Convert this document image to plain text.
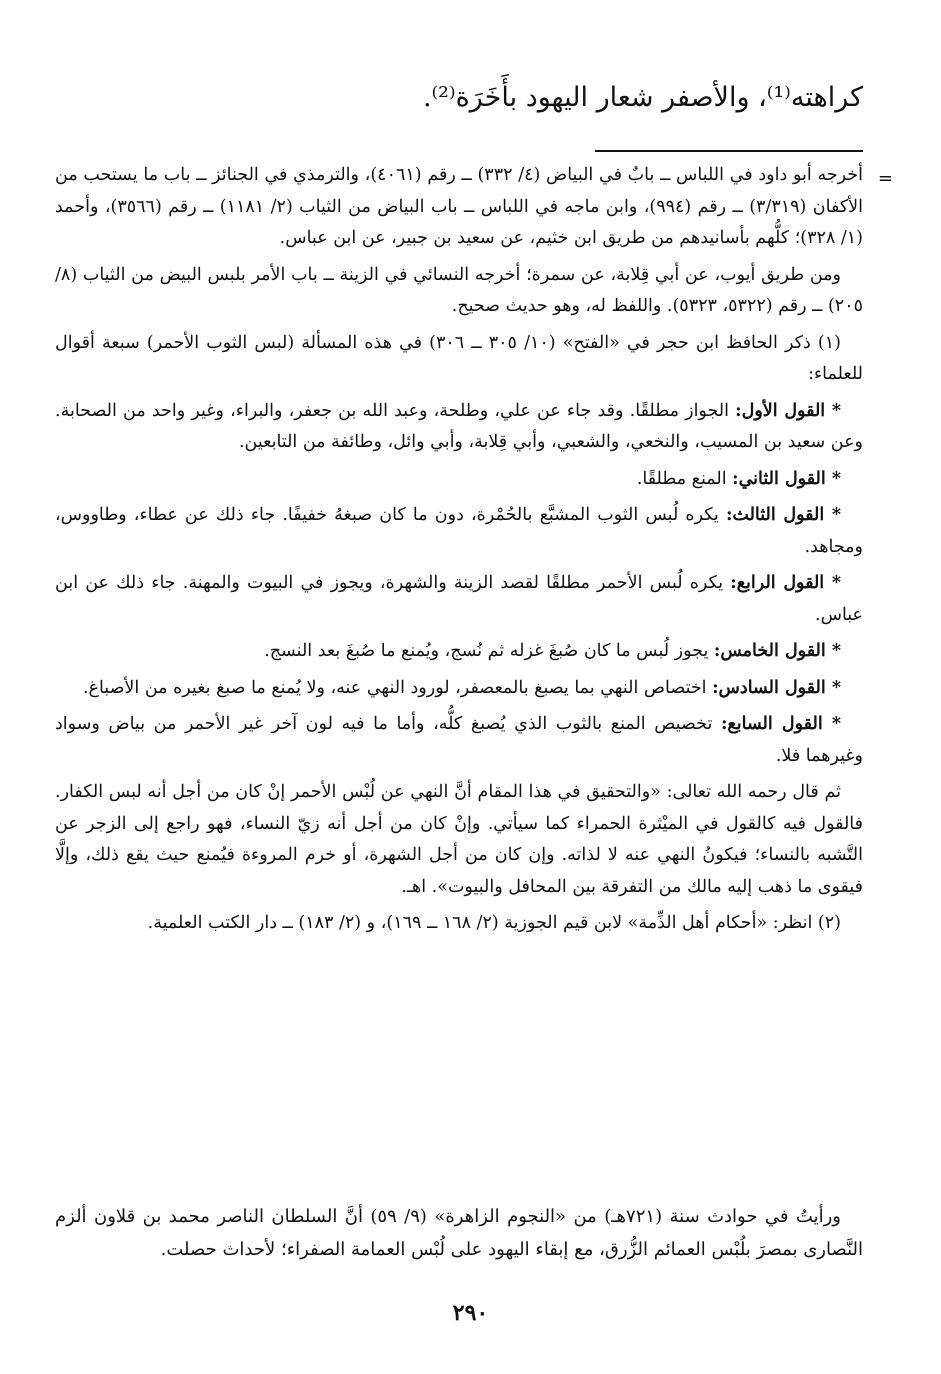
كراهته⁽¹⁾، والأصفر شعار اليهود بأَخَرَة⁽²⁾.
=

أخرجه أبو داود في اللباس ــ بابٌ في البياض (٤/ ٣٣٢) ــ رقم (٤٠٦١)، والترمذي في الجنائز ــ باب ما يستحب من الأكفان (٣/٣١٩) ــ رقم (٩٩٤)، وابن ماجه في اللباس ــ باب البياض من الثياب (٢/ ١١٨١) ــ رقم (٣٥٦٦)، وأحمد (١/ ٣٢٨)؛ كلُّهم بأسانيدهم من طريق ابن خثيم، عن سعيد بن جبير، عن ابن عباس.

ومن طريق أيوب، عن أبي قِلابة، عن سمرة؛ أخرجه النسائي في الزينة ــ باب الأمر بلبس البيض من الثياب (٨/ ٢٠٥) ــ رقم (٥٣٢٢، ٥٣٢٣). واللفظ له، وهو حديث صحيح.

(١) ذكر الحافظ ابن حجر في «الفتح» (١٠/ ٣٠٥ ــ ٣٠٦) في هذه المسألة (لبس الثوب الأحمر) سبعة أقوال للعلماء:

* القول الأول: الجواز مطلقًا. وقد جاء عن علي، وطلحة، وعبد الله بن جعفر، والبراء، وغير واحد من الصحابة. وعن سعيد بن المسيب، والنخعي، والشعبي، وأبي قِلابة، وأبي وائل، وطائفة من التابعين.

* القول الثاني: المنع مطلقًا.

* القول الثالث: يكره لُبس الثوب المشبَّع بالحُمْرة، دون ما كان صبغهُ خفيفًا. جاء ذلك عن عطاء، وطاووس، ومجاهد.

* القول الرابع: يكره لُبس الأحمر مطلقًا لقصد الزينة والشهرة، ويجوز في البيوت والمهنة. جاء ذلك عن ابن عباس.

* القول الخامس: يجوز لُبس ما كان صُبغَ غزله ثم نُسج، ويُمنع ما صُبغَ بعد النسج.

* القول السادس: اختصاص النهي بما يصبغ بالمعصفر، لورود النهي عنه، ولا يُمنع ما صبغ بغيره من الأصباغ.

* القول السابع: تخصيص المنع بالثوب الذي يُصبغ كلُّه، وأما ما فيه لون آخر غير الأحمر من بياض وسواد وغيرهما فلا.

ثم قال رحمه الله تعالى: «والتحقيق في هذا المقام أنَّ النهي عن لُبْس الأحمر إنْ كان من أجل أنه لبس الكفار. فالقول فيه كالقول في الميْثرة الحمراء كما سيأتي. وإنْ كان من أجل أنه زيّ النساء، فهو راجع إلى الزجر عن التَّشبه بالنساء؛ فيكونُ النهي عنه لا لذاته. وإن كان من أجل الشهرة، أو خرم المروءة فيُمنع حيث يقع ذلك، وإلَّا فيقوى ما ذهب إليه مالك من التفرقة بين المحافل والبيوت». اهـ.

(٢) انظر: «أحكام أهل الذِّمة» لابن قيم الجوزية (٢/ ١٦٨ ــ ١٦٩)، و (٢/ ١٨٣) ــ دار الكتب العلمية.

ورأيتُ في حوادث سنة (٧٢١هـ) من «النجوم الزاهرة» (٩/ ٥٩) أنَّ السلطان الناصر محمد بن قلاون ألزم النَّصارى بمصرَ بلُبْس العمائم الزُّرق، مع إبقاء اليهود على لُبْس العمامة الصفراء؛ لأحداث حصلت.

٢٩٠
